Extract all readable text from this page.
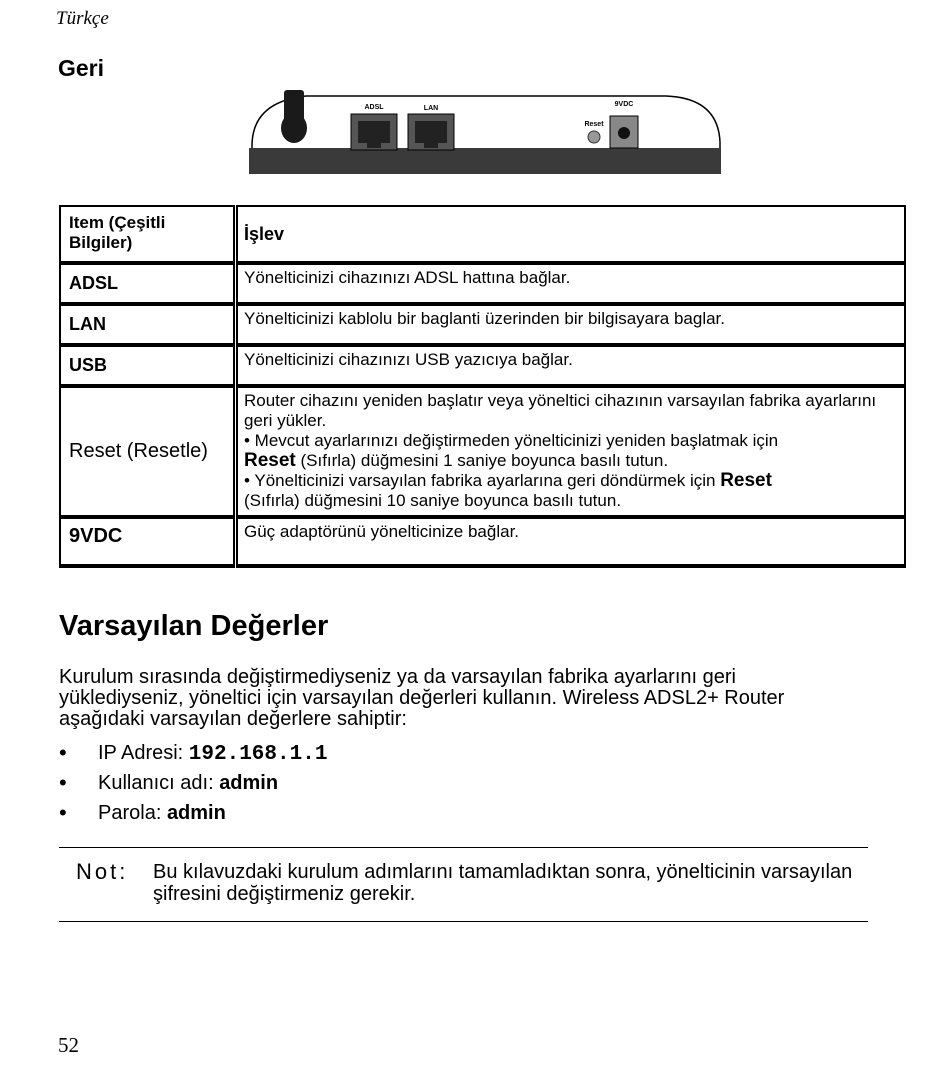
Türkçe
Geri
ADSL	LAN
Reset
9VDC
Item (Çeşitli Bilgiler)	İşlev

ADSL	Yönelticinizi cihazınızı ADSL hattına bağlar.

LAN	Yönelticinizi kablolu bir baglanti üzerinden bir bilgisayara baglar.

USB	Yönelticinizi cihazınızı USB yazıcıya bağlar.

Reset (Resetle)	Router cihazını yeniden başlatır veya yöneltici cihazının varsayılan fabrika ayarlarını geri yükler.
• Mevcut ayarlarınızı değiştirmeden yönelticinizi yeniden başlatmak için
Reset (Sıfırla) düğmesini 1 saniye boyunca basılı tutun.
• Yönelticinizi varsayılan fabrika ayarlarına geri döndürmek için Reset
(Sıfırla) düğmesini 10 saniye boyunca basılı tutun.

9VDC	Güç adaptörünü yönelticinize bağlar.
Varsayılan Değerler
Kurulum sırasında değiştirmediyseniz ya da varsayılan fabrika ayarlarını geri yüklediyseniz, yöneltici için varsayılan değerleri kullanın. Wireless ADSL2+ Router aşağıdaki varsayılan değerlere sahiptir:
• IP Adresi: 192.168.1.1
• Kullanıcı adı: admin
• Parola: admin
Not: Bu kılavuzdaki kurulum adımlarını tamamladıktan sonra, yönelticinin varsayılan şifresini değiştirmeniz gerekir.
52
